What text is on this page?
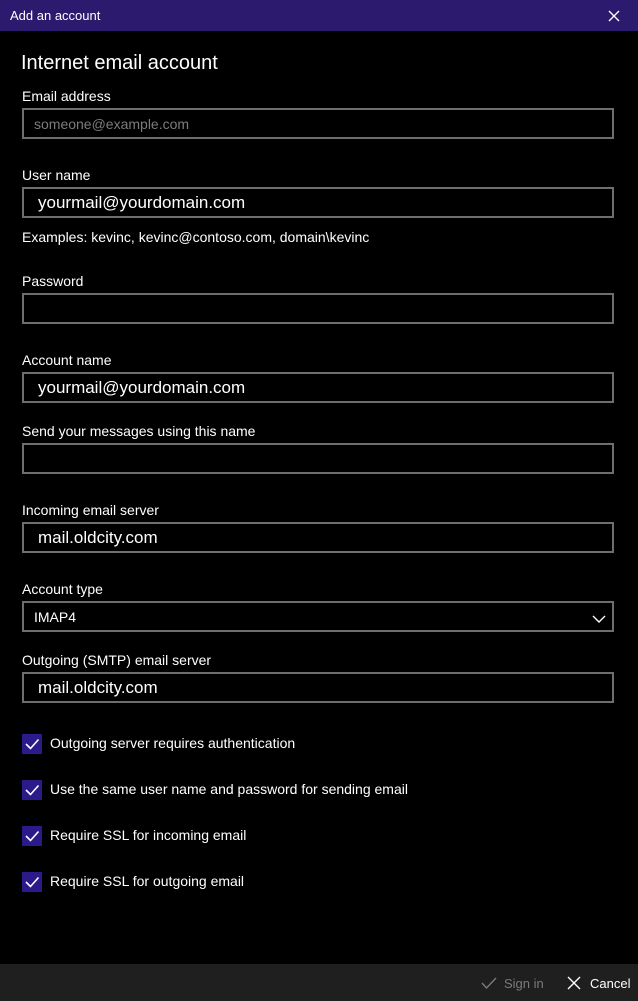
Add an account
Internet email account
Email address
someone@example.com
User name
yourmail@yourdomain.com
Examples: kevinc, kevinc@contoso.com, domain\kevinc
Password
Account name
yourmail@yourdomain.com
Send your messages using this name
Incoming email server
mail.oldcity.com
Account type
IMAP4
Outgoing (SMTP) email server
mail.oldcity.com
Outgoing server requires authentication
Use the same user name and password for sending email
Require SSL for incoming email
Require SSL for outgoing email
Sign in	Cancel
